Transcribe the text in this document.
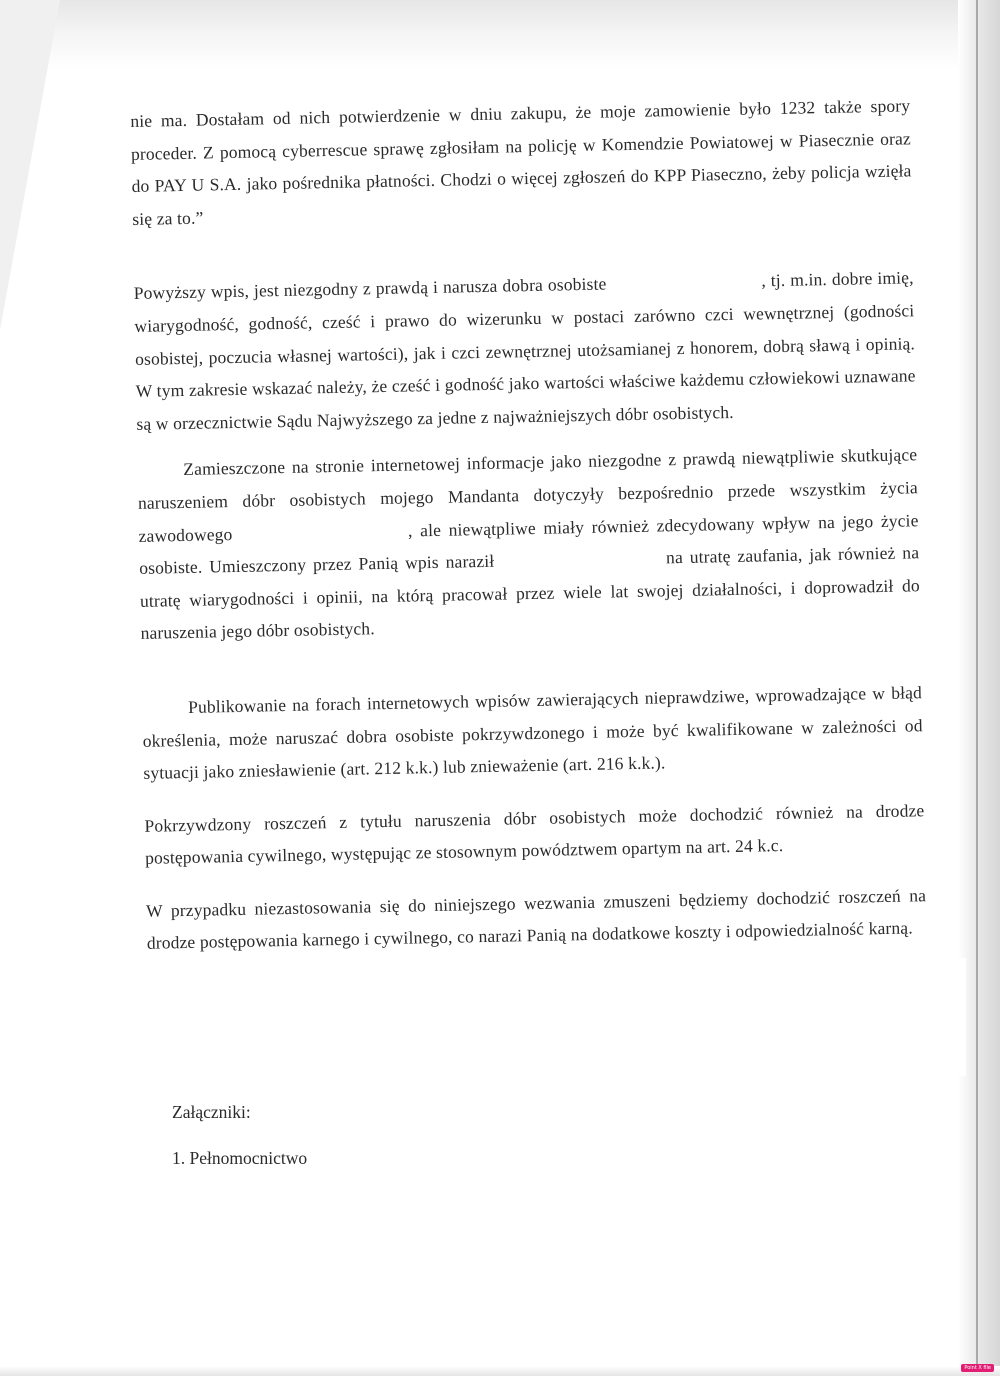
nie ma. Dostałam od nich potwierdzenie w dniu zakupu, że moje zamowienie było 1232 także spory proceder. Z pomocą cyberrescue sprawę zgłosiłam na policję w Komendzie Powiatowej w Piasecznie oraz do PAY U S.A. jako pośrednika płatności. Chodzi o więcej zgłoszeń do KPP Piaseczno, żeby policja wzięła się za to.”

Powyższy wpis, jest niezgodny z prawdą i narusza dobra osobiste	, tj. m.in. dobre imię, wiarygodność, godność, cześć i prawo do wizerunku w postaci zarówno czci wewnętrznej (godności osobistej, poczucia własnej wartości), jak i czci zewnętrznej utożsamianej z honorem, dobrą sławą i opinią. W tym zakresie wskazać należy, że cześć i godność jako wartości właściwe każdemu człowiekowi uznawane są w orzecznictwie Sądu Najwyższego za jedne z najważniejszych dóbr osobistych.

Zamieszczone na stronie internetowej informacje jako niezgodne z prawdą niewątpliwie skutkujące naruszeniem dóbr osobistych mojego Mandanta dotyczyły bezpośrednio przede wszystkim życia zawodowego	, ale niewątpliwe miały również zdecydowany wpływ na jego życie osobiste. Umieszczony przez Panią wpis naraził	na utratę zaufania, jak również na utratę wiarygodności i opinii, na którą pracował przez wiele lat swojej działalności, i doprowadził do naruszenia jego dóbr osobistych.

Publikowanie na forach internetowych wpisów zawierających nieprawdziwe, wprowadzające w błąd określenia, może naruszać dobra osobiste pokrzywdzonego i może być kwalifikowane w zależności od sytuacji jako zniesławienie (art. 212 k.k.) lub znieważenie (art. 216 k.k.).

Pokrzywdzony roszczeń z tytułu naruszenia dóbr osobistych może dochodzić również na drodze postępowania cywilnego, występując ze stosownym powództwem opartym na art. 24 k.c.

W przypadku niezastosowania się do niniejszego wezwania zmuszeni będziemy dochodzić roszczeń na drodze postępowania karnego i cywilnego, co narazi Panią na dodatkowe koszty i odpowiedzialność karną.

Załączniki:

1. Pełnomocnictwo

Point X file
